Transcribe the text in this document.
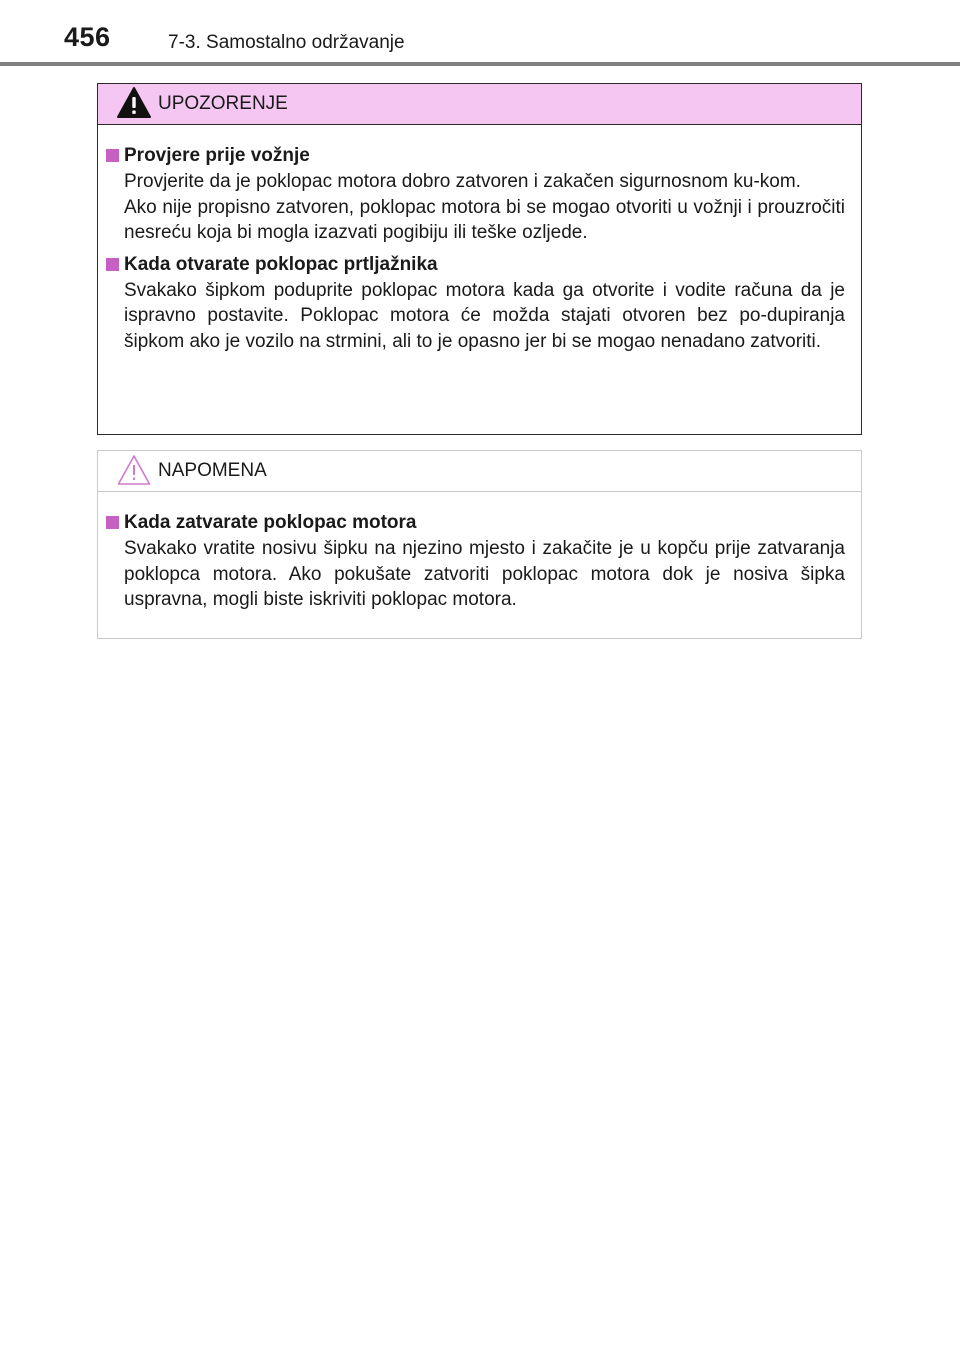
456	7-3. Samostalno održavanje
UPOZORENJE
Provjere prije vožnje
Provjerite da je poklopac motora dobro zatvoren i zakačen sigurnosnom ku-kom.
Ako nije propisno zatvoren, poklopac motora bi se mogao otvoriti u vožnji i prouzročiti nesreću koja bi mogla izazvati pogibiju ili teške ozljede.
Kada otvarate poklopac prtljažnika
Svakako šipkom poduprite poklopac motora kada ga otvorite i vodite računa da je ispravno postavite. Poklopac motora će možda stajati otvoren bez po-dupiranja šipkom ako je vozilo na strmini, ali to je opasno jer bi se mogao nenadano zatvoriti.
NAPOMENA
Kada zatvarate poklopac motora
Svakako vratite nosivu šipku na njezino mjesto i zakačite je u kopču prije zatvaranja poklopca motora. Ako pokušate zatvoriti poklopac motora dok je nosiva šipka uspravna, mogli biste iskriviti poklopac motora.
